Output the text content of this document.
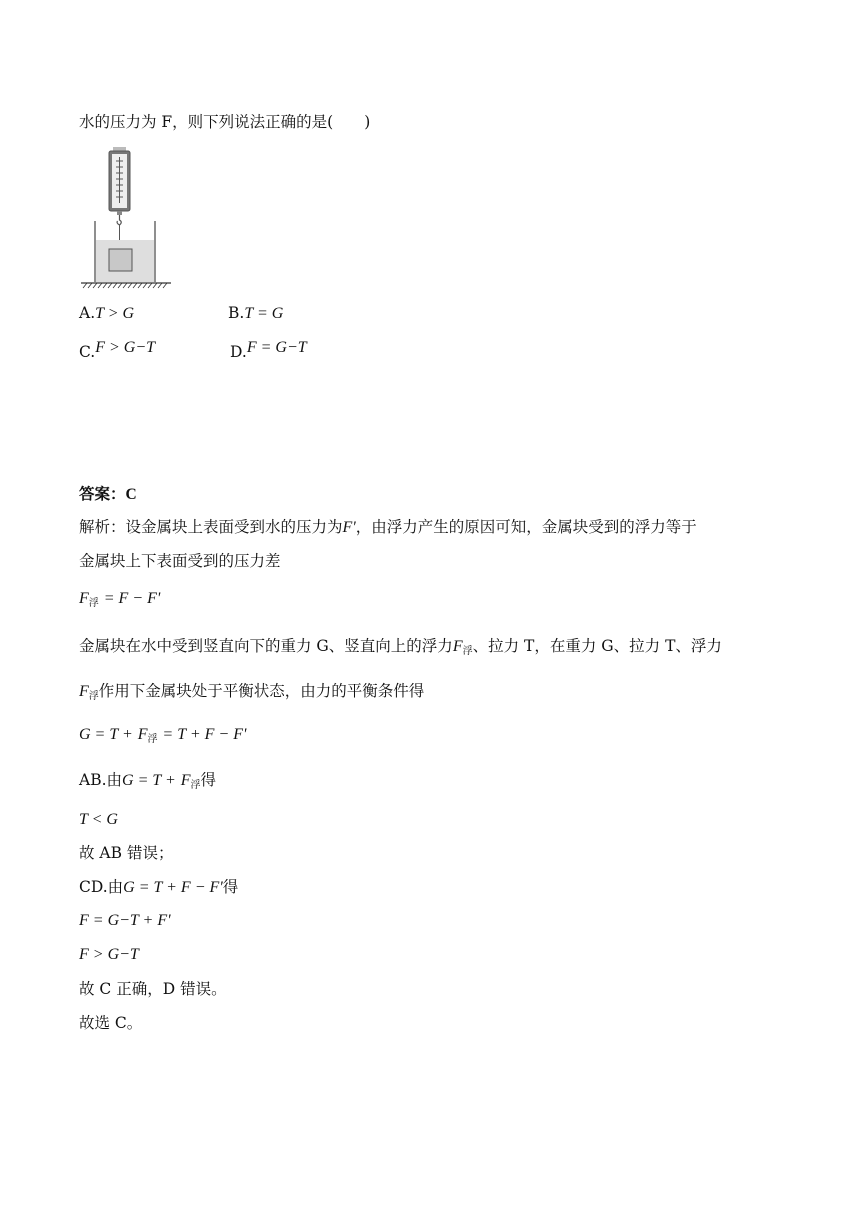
水的压力为 F，则下列说法正确的是(　　)
A.T > G	B.T = G
C.F > G−T	D.F = G−T
答案：C
解析：设金属块上表面受到水的压力为F'，由浮力产生的原因可知，金属块受到的浮力等于
金属块上下表面受到的压力差
$F_浮 = F - F'$
金属块在水中受到竖直向下的重力 G、竖直向上的浮力$F_浮$、拉力 T，在重力 G、拉力 T、浮力
$F_浮$作用下金属块处于平衡状态，由力的平衡条件得
$G = T + F_浮 = T + F - F'$
AB.由$G = T + F_浮$得
T < G
故 AB 错误；
CD.由G = T + F − F'得
F = G−T + F'
F > G−T
故 C 正确，D 错误。
故选 C。
